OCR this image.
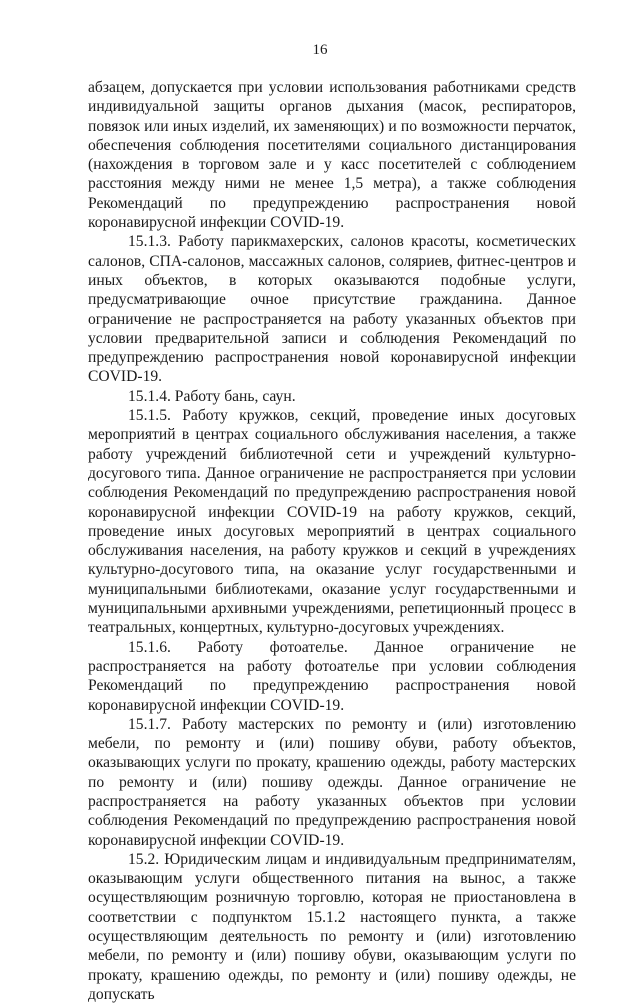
16

абзацем, допускается при условии использования работниками средств индивидуальной защиты органов дыхания (масок, респираторов, повязок или иных изделий, их заменяющих) и по возможности перчаток, обеспечения соблюдения посетителями социального дистанцирования (нахождения в торговом зале и у касс посетителей с соблюдением расстояния между ними не менее 1,5 метра), а также соблюдения Рекомендаций по предупреждению распространения новой коронавирусной инфекции COVID-19.

15.1.3. Работу парикмахерских, салонов красоты, косметических салонов, СПА-салонов, массажных салонов, соляриев, фитнес-центров и иных объектов, в которых оказываются подобные услуги, предусматривающие очное присутствие гражданина. Данное ограничение не распространяется на работу указанных объектов при условии предварительной записи и соблюдения Рекомендаций по предупреждению распространения новой коронавирусной инфекции COVID-19.

15.1.4. Работу бань, саун.

15.1.5. Работу кружков, секций, проведение иных досуговых мероприятий в центрах социального обслуживания населения, а также работу учреждений библиотечной сети и учреждений культурно-досугового типа. Данное ограничение не распространяется при условии соблюдения Рекомендаций по предупреждению распространения новой коронавирусной инфекции COVID-19 на работу кружков, секций, проведение иных досуговых мероприятий в центрах социального обслуживания населения, на работу кружков и секций в учреждениях культурно-досугового типа, на оказание услуг государственными и муниципальными библиотеками, оказание услуг государственными и муниципальными архивными учреждениями, репетиционный процесс в театральных, концертных, культурно-досуговых учреждениях.

15.1.6. Работу фотоателье. Данное ограничение не распространяется на работу фотоателье при условии соблюдения Рекомендаций по предупреждению распространения новой коронавирусной инфекции COVID-19.

15.1.7. Работу мастерских по ремонту и (или) изготовлению мебели, по ремонту и (или) пошиву обуви, работу объектов, оказывающих услуги по прокату, крашению одежды, работу мастерских по ремонту и (или) пошиву одежды. Данное ограничение не распространяется на работу указанных объектов при условии соблюдения Рекомендаций по предупреждению распространения новой коронавирусной инфекции COVID-19.

15.2. Юридическим лицам и индивидуальным предпринимателям, оказывающим услуги общественного питания на вынос, а также осуществляющим розничную торговлю, которая не приостановлена в соответствии с подпунктом 15.1.2 настоящего пункта, а также осуществляющим деятельность по ремонту и (или) изготовлению мебели, по ремонту и (или) пошиву обуви, оказывающим услуги по прокату, крашению одежды, по ремонту и (или) пошиву одежды, не допускать
